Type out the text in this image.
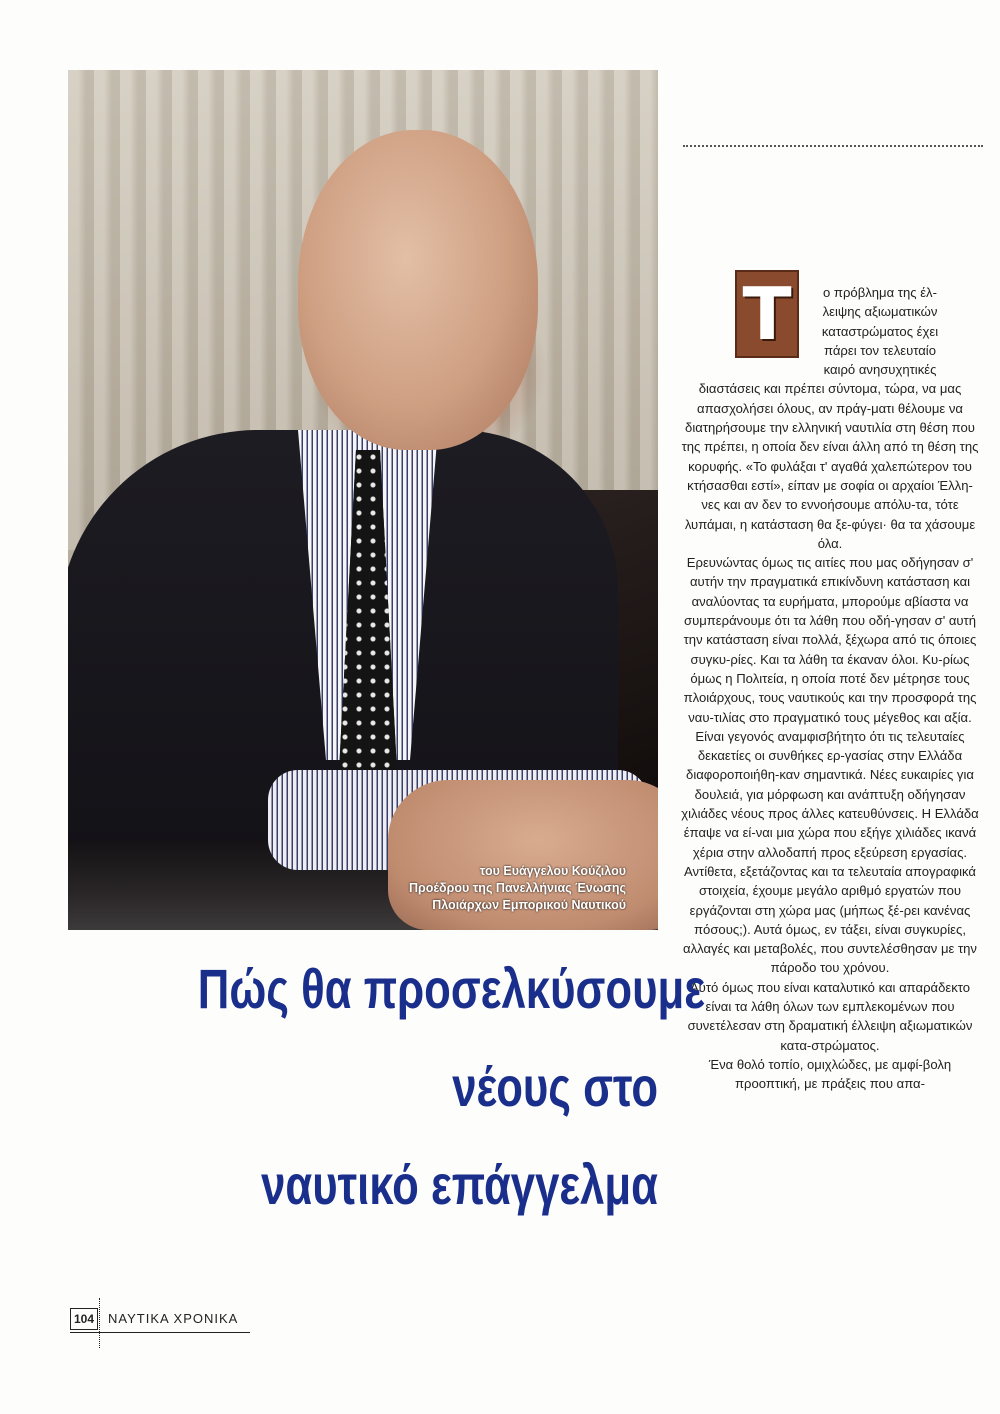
του Ευάγγελου Κούζιλου
Προέδρου της Πανελλήνιας Ένωσης
Πλοιάρχων Εμπορικού Ναυτικού
Τ	ο πρόβλημα της έλ-
λειψης αξιωματικών
καταστρώματος έχει
πάρει τον τελευταίο
καιρό ανησυχητικές

διαστάσεις και πρέπει σύντομα, τώρα, να μας απασχολήσει όλους, αν πράγ-ματι θέλουμε να διατηρήσουμε την ελληνική ναυτιλία στη θέση που της πρέπει, η οποία δεν είναι άλλη από τη θέση της κορυφής. «Το φυλάξαι τ' αγαθά χαλεπώτερον του κτήσασθαι εστί», είπαν με σοφία οι αρχαίοι Έλλη-νες και αν δεν το εννοήσουμε απόλυ-τα, τότε λυπάμαι, η κατάσταση θα ξε-φύγει· θα τα χάσουμε όλα.

Ερευνώντας όμως τις αιτίες που μας οδήγησαν σ' αυτήν την πραγματικά επικίνδυνη κατάσταση και αναλύοντας τα ευρήματα, μπορούμε αβίαστα να συμπεράνουμε ότι τα λάθη που οδή-γησαν σ' αυτή την κατάσταση είναι πολλά, ξέχωρα από τις όποιες συγκυ-ρίες. Και τα λάθη τα έκαναν όλοι. Κυ-ρίως όμως η Πολιτεία, η οποία ποτέ δεν μέτρησε τους πλοιάρχους, τους ναυτικούς και την προσφορά της ναυ-τιλίας στο πραγματικό τους μέγεθος και αξία.

Είναι γεγονός αναμφισβήτητο ότι τις τελευταίες δεκαετίες οι συνθήκες ερ-γασίας στην Ελλάδα διαφοροποιήθη-καν σημαντικά. Νέες ευκαιρίες για δουλειά, για μόρφωση και ανάπτυξη οδήγησαν χιλιάδες νέους προς άλλες κατευθύνσεις. Η Ελλάδα έπαψε να εί-ναι μια χώρα που εξήγε χιλιάδες ικανά χέρια στην αλλοδαπή προς εξεύρεση εργασίας. Αντίθετα, εξετάζοντας και τα τελευταία απογραφικά στοιχεία, έχουμε μεγάλο αριθμό εργατών που εργάζονται στη χώρα μας (μήπως ξέ-ρει κανένας πόσους;). Αυτά όμως, εν τάξει, είναι συγκυρίες, αλλαγές και μεταβολές, που συντελέσθησαν με την πάροδο του χρόνου.

Αυτό όμως που είναι καταλυτικό και απαράδεκτο είναι τα λάθη όλων των εμπλεκομένων που συνετέλεσαν στη δραματική έλλειψη αξιωματικών κατα-στρώματος.

Ένα θολό τοπίο, ομιχλώδες, με αμφί-βολη προοπτική, με πράξεις που απα-

Πώς θα προσελκύσουμε
νέους στο
ναυτικό επάγγελμα
104	ΝΑΥΤΙΚΑ ΧΡΟΝΙΚΑ
